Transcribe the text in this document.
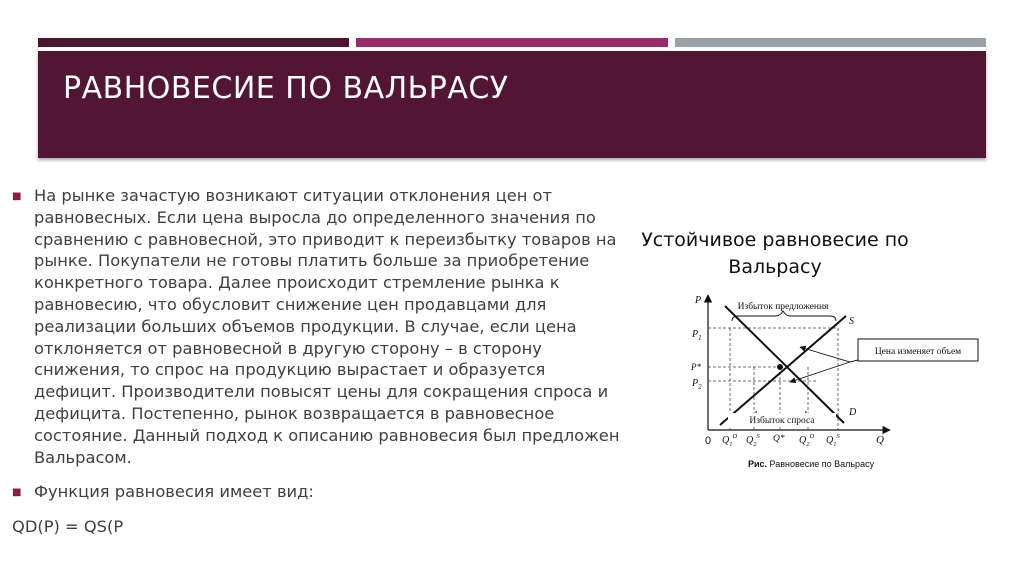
РАВНОВЕСИЕ ПО ВАЛЬРАСУ
■ На рынке зачастую возникают ситуации отклонения цен от равновесных. Если цена выросла до определенного значения по сравнению с равновесной, это приводит к переизбытку товаров на рынке. Покупатели не готовы платить больше за приобретение конкретного товара. Далее происходит стремление рынка к равновесию, что обусловит снижение цен продавцами для реализации больших объемов продукции. В случае, если цена отклоняется от равновесной в другую сторону – в сторону снижения, то спрос на продукцию вырастает и образуется дефицит. Производители повысят цены для сокращения спроса и дефицита. Постепенно, рынок возвращается в равновесное состояние. Данный подход к описанию равновесия был предложен Вальрасом.
■ Функция равновесия имеет вид:
QD(P) = QS(P
Устойчивое равновесие по
Вальрасу
P
Q
0
$P_1$
P*
$P_2$
S
D
Избыток предложения
Избыток спроса
$Q_1^D$ $Q_2^S$ Q* $Q_2^D$ $Q_1^S$
Цена изменяет объем
Рис. Равновесие по Вальрасу
